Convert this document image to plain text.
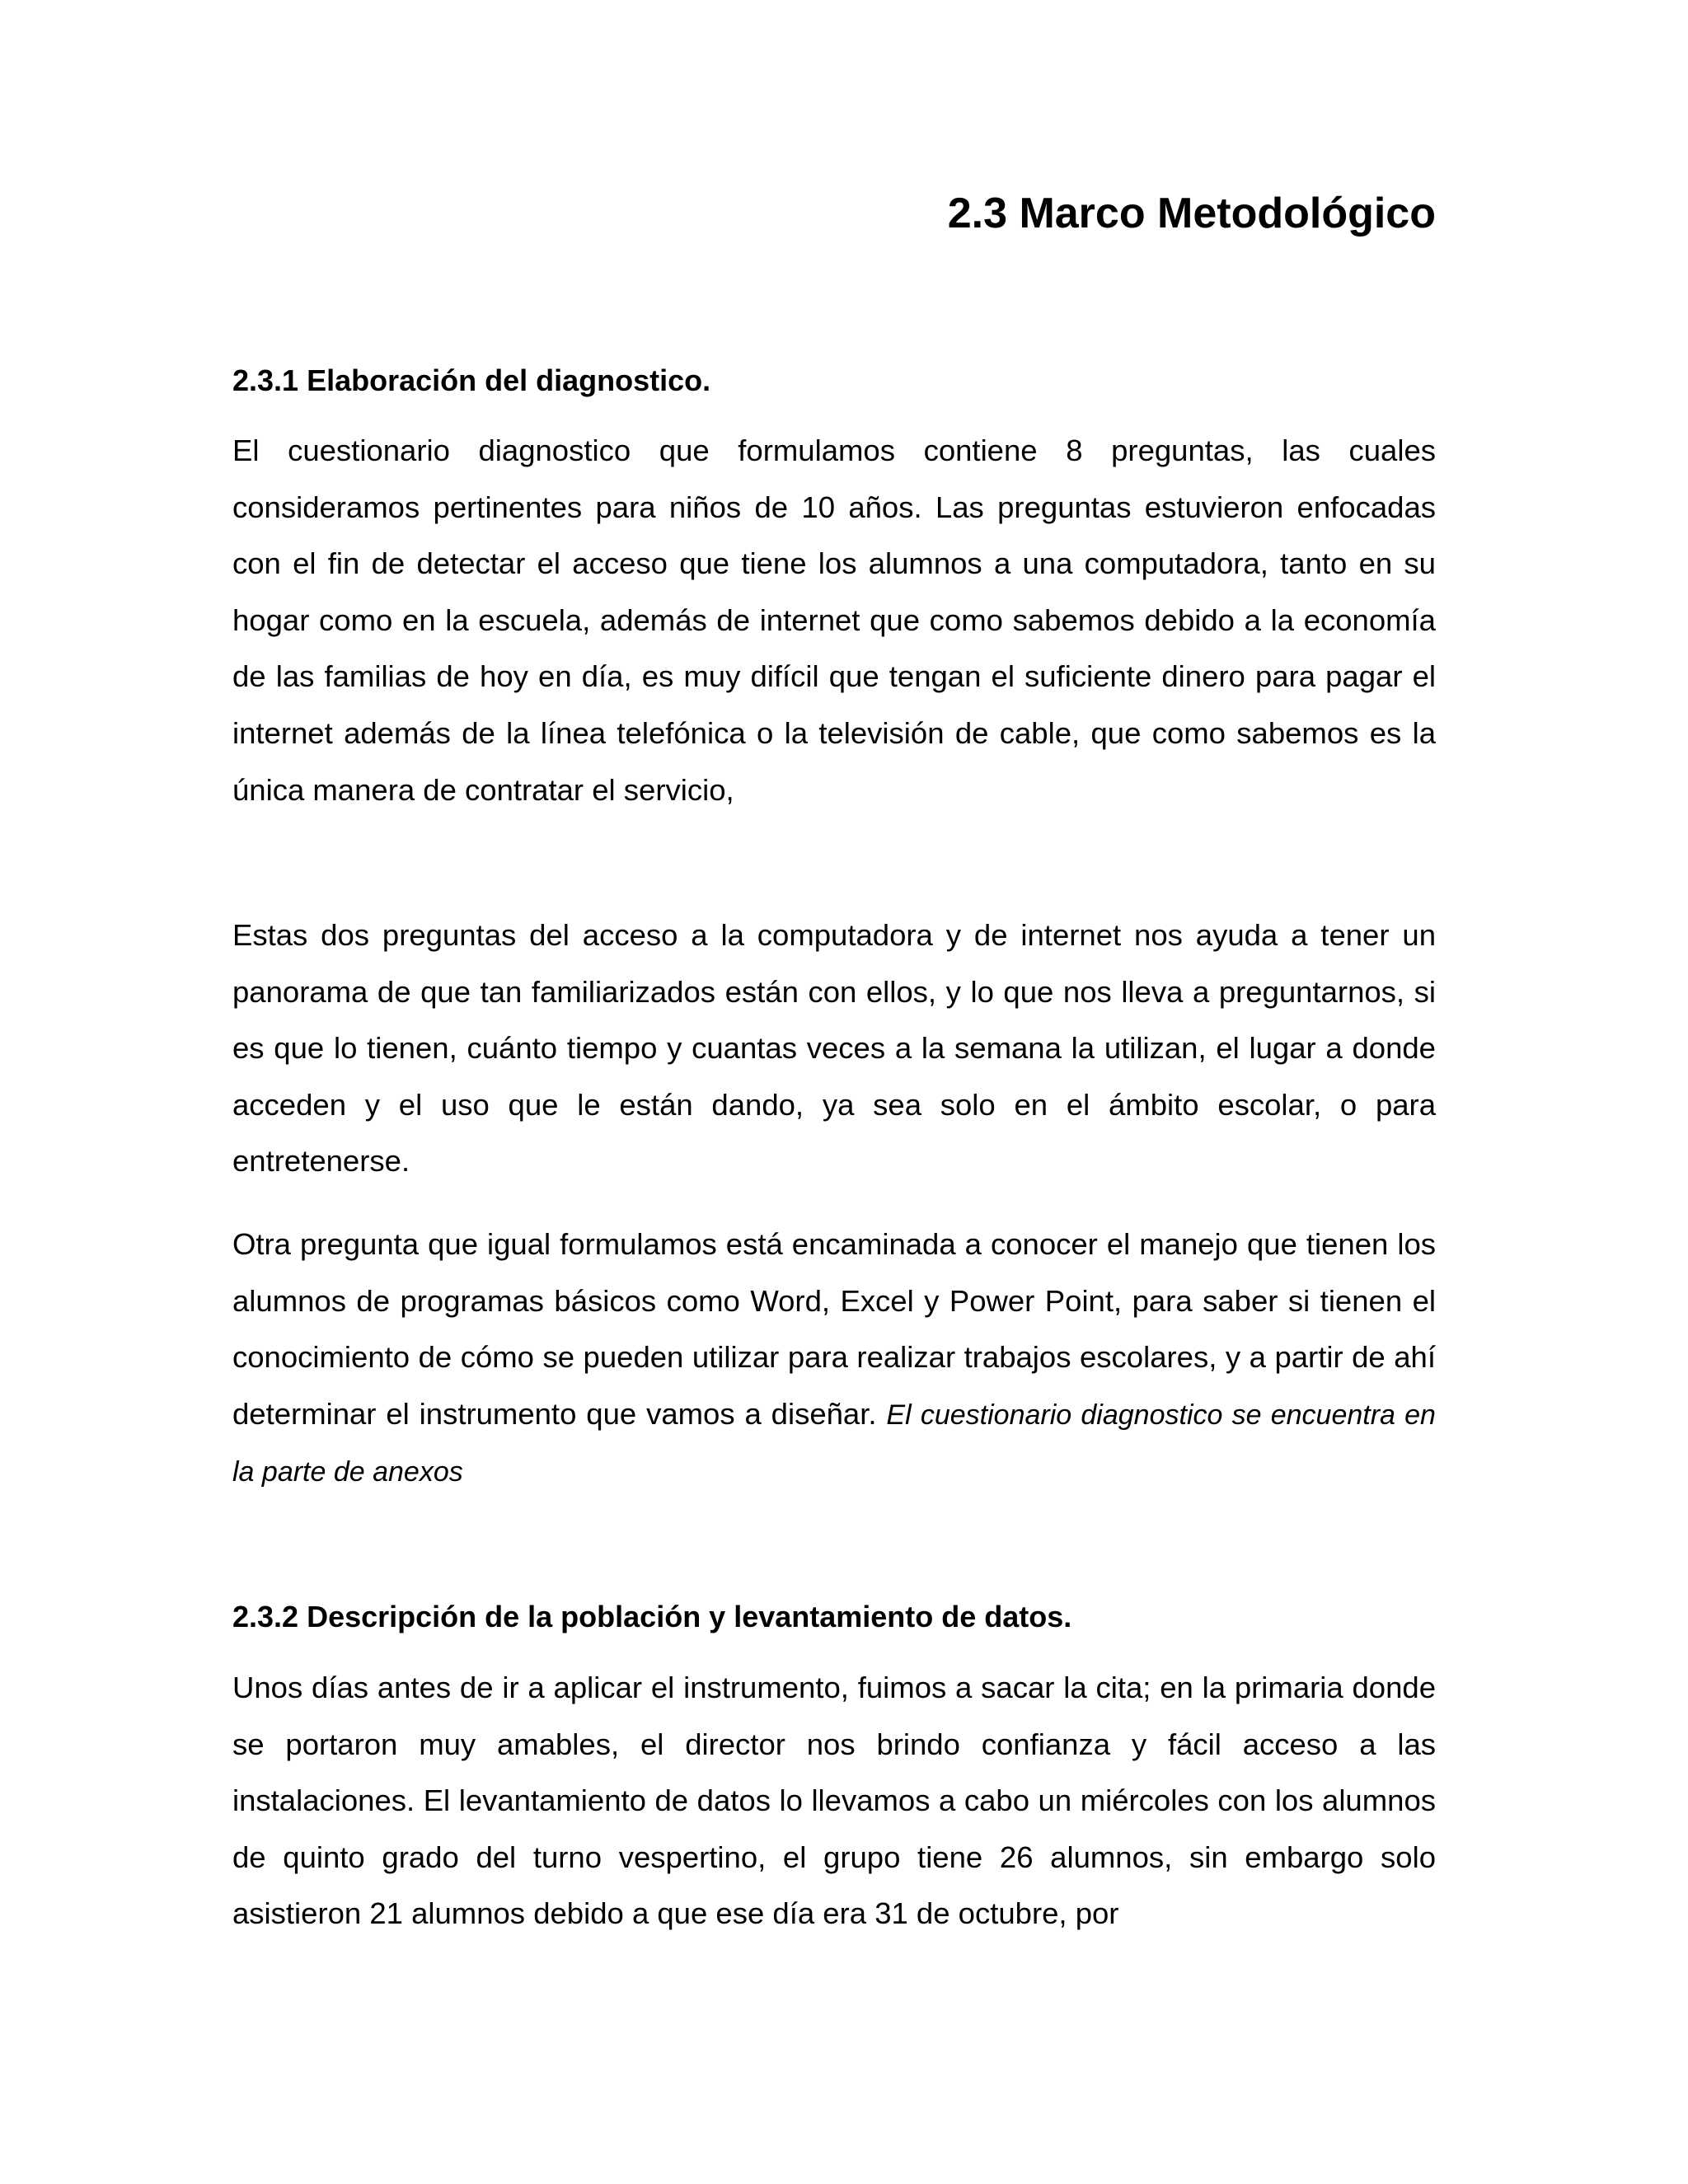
2.3 Marco Metodológico
2.3.1 Elaboración del diagnostico.

El cuestionario diagnostico que formulamos contiene 8 preguntas, las cuales consideramos pertinentes para niños de 10 años. Las preguntas estuvieron enfocadas con el fin de detectar el acceso que tiene los alumnos a una computadora, tanto en su hogar como en la escuela, además de internet que como sabemos debido a la economía de las familias de hoy en día, es muy difícil que tengan el suficiente dinero para pagar el internet además de la línea telefónica o la televisión de cable, que como sabemos es la única manera de contratar el servicio,

Estas dos preguntas del acceso a la computadora y de internet nos ayuda a tener un panorama de que tan familiarizados están con ellos, y lo que nos lleva a preguntarnos, si es que lo tienen, cuánto tiempo y cuantas veces a la semana la utilizan, el lugar a donde acceden y el uso que le están dando, ya sea solo en el ámbito escolar, o para entretenerse.

Otra pregunta que igual formulamos está encaminada a conocer el manejo que tienen los alumnos de programas básicos como Word, Excel y Power Point, para saber si tienen el conocimiento de cómo se pueden utilizar para realizar trabajos escolares, y a partir de ahí determinar el instrumento que vamos a diseñar. El cuestionario diagnostico se encuentra en la parte de anexos

2.3.2 Descripción de la población y levantamiento de datos.

Unos días antes de ir a aplicar el instrumento, fuimos a sacar la cita; en la primaria donde se portaron muy amables, el director nos brindo confianza y fácil acceso a las instalaciones. El levantamiento de datos lo llevamos a cabo un miércoles con los alumnos de quinto grado del turno vespertino, el grupo tiene 26 alumnos, sin embargo solo asistieron 21 alumnos debido a que ese día era 31 de octubre, por
